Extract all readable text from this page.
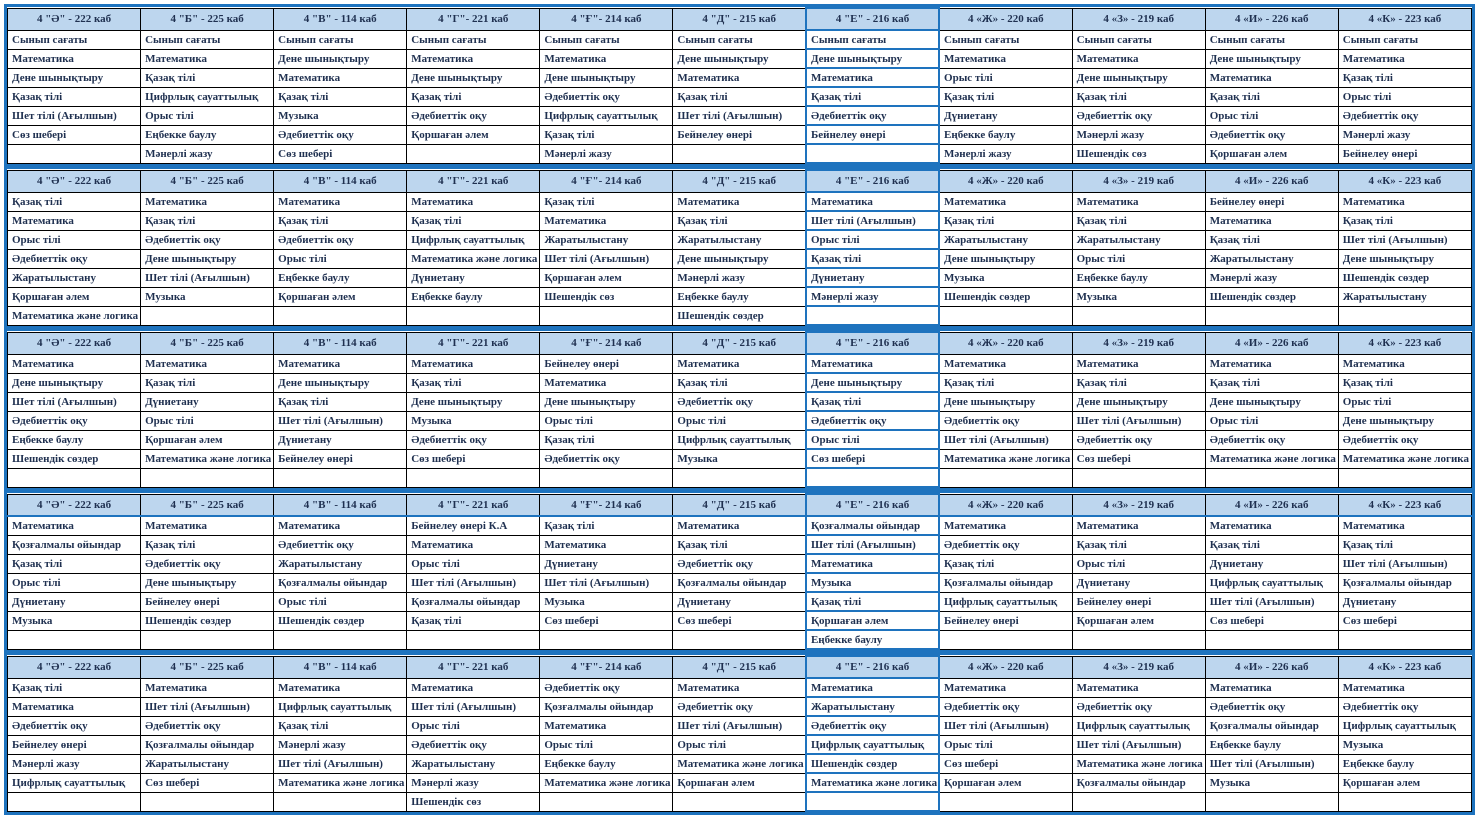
4 "Ә" - 222 каб	4 "Б" - 225 каб	4 "В" - 114 каб	4 "Г"- 221 каб	4 "Ғ"- 214 каб	4 "Д" - 215 каб	4 "Е" - 216 каб	4 «Ж» - 220 каб	4 «З» - 219 каб	4 «И» - 226 каб	4 «К» - 223 каб
Сынып сағаты	Сынып сағаты	Сынып сағаты	Сынып сағаты	Сынып сағаты	Сынып сағаты	Сынып сағаты	Сынып сағаты	Сынып сағаты	Сынып сағаты	Сынып сағаты
Математика	Математика	Дене шынықтыру	Математика	Математика	Дене шынықтыру	Дене шынықтыру	Математика	Математика	Дене шынықтыру	Математика
Дене шынықтыру	Қазақ тілі	Математика	Дене шынықтыру	Дене шынықтыру	Математика	Математика	Орыс тілі	Дене шынықтыру	Математика	Қазақ тілі
Қазақ тілі	Цифрлық сауаттылық	Қазақ тілі	Қазақ тілі	Әдебиеттік оқу	Қазақ тілі	Қазақ тілі	Қазақ тілі	Қазақ тілі	Қазақ тілі	Орыс тілі
Шет тілі (Ағылшын)	Орыс тілі	Музыка	Әдебиеттік оқу	Цифрлық сауаттылық	Шет тілі (Ағылшын)	Әдебиеттік оқу	Дүниетану	Әдебиеттік оқу	Орыс тілі	Әдебиеттік оқу
Сөз шебері	Еңбекке баулу	Әдебиеттік оқу	Қоршаған әлем	Қазақ тілі	Бейнелеу өнері	Бейнелеу өнері	Еңбекке баулу	Мәнерлі жазу	Әдебиеттік оқу	Мәнерлі жазу
	Мәнерлі жазу	Сөз шебері		Мәнерлі жазу			Мәнерлі жазу	Шешендік сөз	Қоршаған әлем	Бейнелеу өнері
4 "Ә" - 222 каб	4 "Б" - 225 каб	4 "В" - 114 каб	4 "Г"- 221 каб	4 "Ғ"- 214 каб	4 "Д" - 215 каб	4 "Е" - 216 каб	4 «Ж» - 220 каб	4 «З» - 219 каб	4 «И» - 226 каб	4 «К» - 223 каб
Қазақ тілі	Математика	Математика	Математика	Қазақ тілі	Математика	Математика	Математика	Математика	Бейнелеу өнері	Математика
Математика	Қазақ тілі	Қазақ тілі	Қазақ тілі	Математика	Қазақ тілі	Шет тілі (Ағылшын)	Қазақ тілі	Қазақ тілі	Математика	Қазақ тілі
Орыс тілі	Әдебиеттік оқу	Әдебиеттік оқу	Цифрлық сауаттылық	Жаратылыстану	Жаратылыстану	Орыс тілі	Жаратылыстану	Жаратылыстану	Қазақ тілі	Шет тілі (Ағылшын)
Әдебиеттік оқу	Дене шынықтыру	Орыс тілі	Математика және логика	Шет тілі (Ағылшын)	Дене шынықтыру	Қазақ тілі	Дене шынықтыру	Орыс тілі	Жаратылыстану	Дене шынықтыру
Жаратылыстану	Шет тілі (Ағылшын)	Еңбекке баулу	Дүниетану	Қоршаған әлем	Мәнерлі жазу	Дүниетану	Музыка	Еңбекке баулу	Мәнерлі жазу	Шешендік сөздер
Қоршаған әлем	Музыка	Қоршаған әлем	Еңбекке баулу	Шешендік сөз	Еңбекке баулу	Мәнерлі жазу	Шешендік сөздер	Музыка	Шешендік сөздер	Жаратылыстану
Математика және логика					Шешендік сөздер					
4 "Ә" - 222 каб	4 "Б" - 225 каб	4 "В" - 114 каб	4 "Г"- 221 каб	4 "Ғ"- 214 каб	4 "Д" - 215 каб	4 "Е" - 216 каб	4 «Ж» - 220 каб	4 «З» - 219 каб	4 «И» - 226 каб	4 «К» - 223 каб
Математика	Математика	Математика	Математика	Бейнелеу өнері	Математика	Математика	Математика	Математика	Математика	Математика
Дене шынықтыру	Қазақ тілі	Дене шынықтыру	Қазақ тілі	Математика	Қазақ тілі	Дене шынықтыру	Қазақ тілі	Қазақ тілі	Қазақ тілі	Қазақ тілі
Шет тілі (Ағылшын)	Дүниетану	Қазақ тілі	Дене шынықтыру	Дене шынықтыру	Әдебиеттік оқу	Қазақ тілі	Дене шынықтыру	Дене шынықтыру	Дене шынықтыру	Орыс тілі
Әдебиеттік оқу	Орыс тілі	Шет тілі (Ағылшын)	Музыка	Орыс тілі	Орыс тілі	Әдебиеттік оқу	Әдебиеттік оқу	Шет тілі (Ағылшын)	Орыс тілі	Дене шынықтыру
Еңбекке баулу	Қоршаған әлем	Дүниетану	Әдебиеттік оқу	Қазақ тілі	Цифрлық сауаттылық	Орыс тілі	Шет тілі (Ағылшын)	Әдебиеттік оқу	Әдебиеттік оқу	Әдебиеттік оқу
Шешендік сөздер	Математика және логика	Бейнелеу өнері	Сөз шебері	Әдебиеттік оқу	Музыка	Сөз шебері	Математика және логика	Сөз шебері	Математика және логика	Математика және логика

4 "Ә" - 222 каб	4 "Б" - 225 каб	4 "В" - 114 каб	4 "Г"- 221 каб	4 "Ғ"- 214 каб	4 "Д" - 215 каб	4 "Е" - 216 каб	4 «Ж» - 220 каб	4 «З» - 219 каб	4 «И» - 226 каб	4 «К» - 223 каб
Математика	Математика	Математика	Бейнелеу өнері К.А	Қазақ тілі	Математика	Қозғалмалы ойындар	Математика	Математика	Математика	Математика
Қозғалмалы ойындар	Қазақ тілі	Әдебиеттік оқу	Математика	Математика	Қазақ тілі	Шет тілі (Ағылшын)	Әдебиеттік оқу	Қазақ тілі	Қазақ тілі	Қазақ тілі
Қазақ тілі	Әдебиеттік оқу	Жаратылыстану	Орыс тілі	Дүниетану	Әдебиеттік оқу	Математика	Қазақ тілі	Орыс тілі	Дүниетану	Шет тілі (Ағылшын)
Орыс тілі	Дене шынықтыру	Қозғалмалы ойындар	Шет тілі (Ағылшын)	Шет тілі (Ағылшын)	Қозғалмалы ойындар	Музыка	Қозғалмалы ойындар	Дүниетану	Цифрлық сауаттылық	Қозғалмалы ойындар
Дүниетану	Бейнелеу өнері	Орыс тілі	Қозғалмалы ойындар	Музыка	Дүниетану	Қазақ тілі	Цифрлық сауаттылық	Бейнелеу өнері	Шет тілі (Ағылшын)	Дүниетану
Музыка	Шешендік сөздер	Шешендік сөздер	Қазақ тілі	Сөз шебері	Сөз шебері	Қоршаған әлем	Бейнелеу өнері	Қоршаған әлем	Сөз шебері	Сөз шебері
						Еңбекке баулу				
4 "Ә" - 222 каб	4 "Б" - 225 каб	4 "В" - 114 каб	4 "Г"- 221 каб	4 "Ғ"- 214 каб	4 "Д" - 215 каб	4 "Е" - 216 каб	4 «Ж» - 220 каб	4 «З» - 219 каб	4 «И» - 226 каб	4 «К» - 223 каб
Қазақ тілі	Математика	Математика	Математика	Әдебиеттік оқу	Математика	Математика	Математика	Математика	Математика	Математика
Математика	Шет тілі (Ағылшын)	Цифрлық сауаттылық	Шет тілі (Ағылшын)	Қозғалмалы ойындар	Әдебиеттік оқу	Жаратылыстану	Әдебиеттік оқу	Әдебиеттік оқу	Әдебиеттік оқу	Әдебиеттік оқу
Әдебиеттік оқу	Әдебиеттік оқу	Қазақ тілі	Орыс тілі	Математика	Шет тілі (Ағылшын)	Әдебиеттік оқу	Шет тілі (Ағылшын)	Цифрлық сауаттылық	Қозғалмалы ойындар	Цифрлық сауаттылық
Бейнелеу өнері	Қозғалмалы ойындар	Мәнерлі жазу	Әдебиеттік оқу	Орыс тілі	Орыс тілі	Цифрлық сауаттылық	Орыс тілі	Шет тілі (Ағылшын)	Еңбекке баулу	Музыка
Мәнерлі жазу	Жаратылыстану	Шет тілі (Ағылшын)	Жаратылыстану	Еңбекке баулу	Математика және логика	Шешендік сөздер	Сөз шебері	Математика және логика	Шет тілі (Ағылшын)	Еңбекке баулу
Цифрлық сауаттылық	Сөз шебері	Математика және логика	Мәнерлі жазу	Математика және логика	Қоршаған әлем	Математика және логика	Қоршаған әлем	Қозғалмалы ойындар	Музыка	Қоршаған әлем
			Шешендік сөз							
